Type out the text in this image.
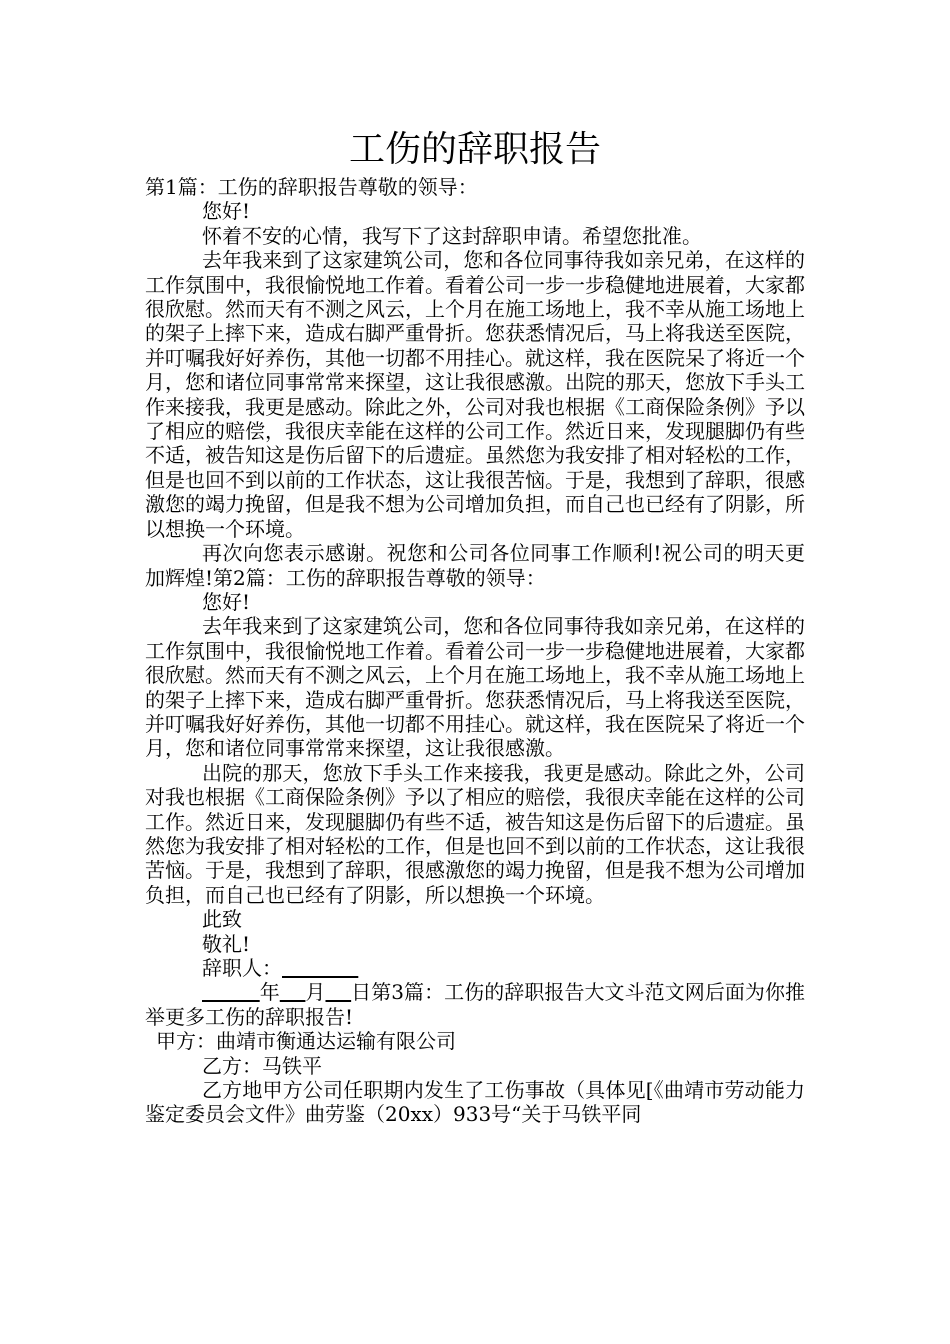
工伤的辞职报告

第1篇：工伤的辞职报告尊敬的领导：

您好!

怀着不安的心情，我写下了这封辞职申请。希望您批准。

去年我来到了这家建筑公司，您和各位同事待我如亲兄弟，在这样的工作氛围中，我很愉悦地工作着。看着公司一步一步稳健地进展着，大家都很欣慰。然而天有不测之风云，上个月在施工场地上，我不幸从施工场地上的架子上摔下来，造成右脚严重骨折。您获悉情况后，马上将我送至医院，并叮嘱我好好养伤，其他一切都不用挂心。就这样，我在医院呆了将近一个月，您和诸位同事常常来探望，这让我很感激。出院的那天，您放下手头工作来接我，我更是感动。除此之外，公司对我也根据《工商保险条例》予以了相应的赔偿，我很庆幸能在这样的公司工作。然近日来，发现腿脚仍有些不适，被告知这是伤后留下的后遗症。虽然您为我安排了相对轻松的工作，但是也回不到以前的工作状态，这让我很苦恼。于是，我想到了辞职，很感激您的竭力挽留，但是我不想为公司增加负担，而自己也已经有了阴影，所以想换一个环境。

再次向您表示感谢。祝您和公司各位同事工作顺利!祝公司的明天更加辉煌!第2篇：工伤的辞职报告尊敬的领导：

您好!

去年我来到了这家建筑公司，您和各位同事待我如亲兄弟，在这样的工作氛围中，我很愉悦地工作着。看着公司一步一步稳健地进展着，大家都很欣慰。然而天有不测之风云，上个月在施工场地上，我不幸从施工场地上的架子上摔下来，造成右脚严重骨折。您获悉情况后，马上将我送至医院，并叮嘱我好好养伤，其他一切都不用挂心。就这样，我在医院呆了将近一个月，您和诸位同事常常来探望，这让我很感激。

出院的那天，您放下手头工作来接我，我更是感动。除此之外，公司对我也根据《工商保险条例》予以了相应的赔偿，我很庆幸能在这样的公司工作。然近日来，发现腿脚仍有些不适，被告知这是伤后留下的后遗症。虽然您为我安排了相对轻松的工作，但是也回不到以前的工作状态，这让我很苦恼。于是，我想到了辞职，很感激您的竭力挽留，但是我不想为公司增加负担，而自己也已经有了阴影，所以想换一个环境。

此致

敬礼!

辞职人：

年 月 日第3篇：工伤的辞职报告大文斗范文网后面为你推举更多工伤的辞职报告!

甲方：曲靖市衡通达运输有限公司

乙方：马铁平

乙方地甲方公司任职期内发生了工伤事故（具体见[《曲靖市劳动能力鉴定委员会文件》曲劳鉴（20xx）933号“关于马铁平同
